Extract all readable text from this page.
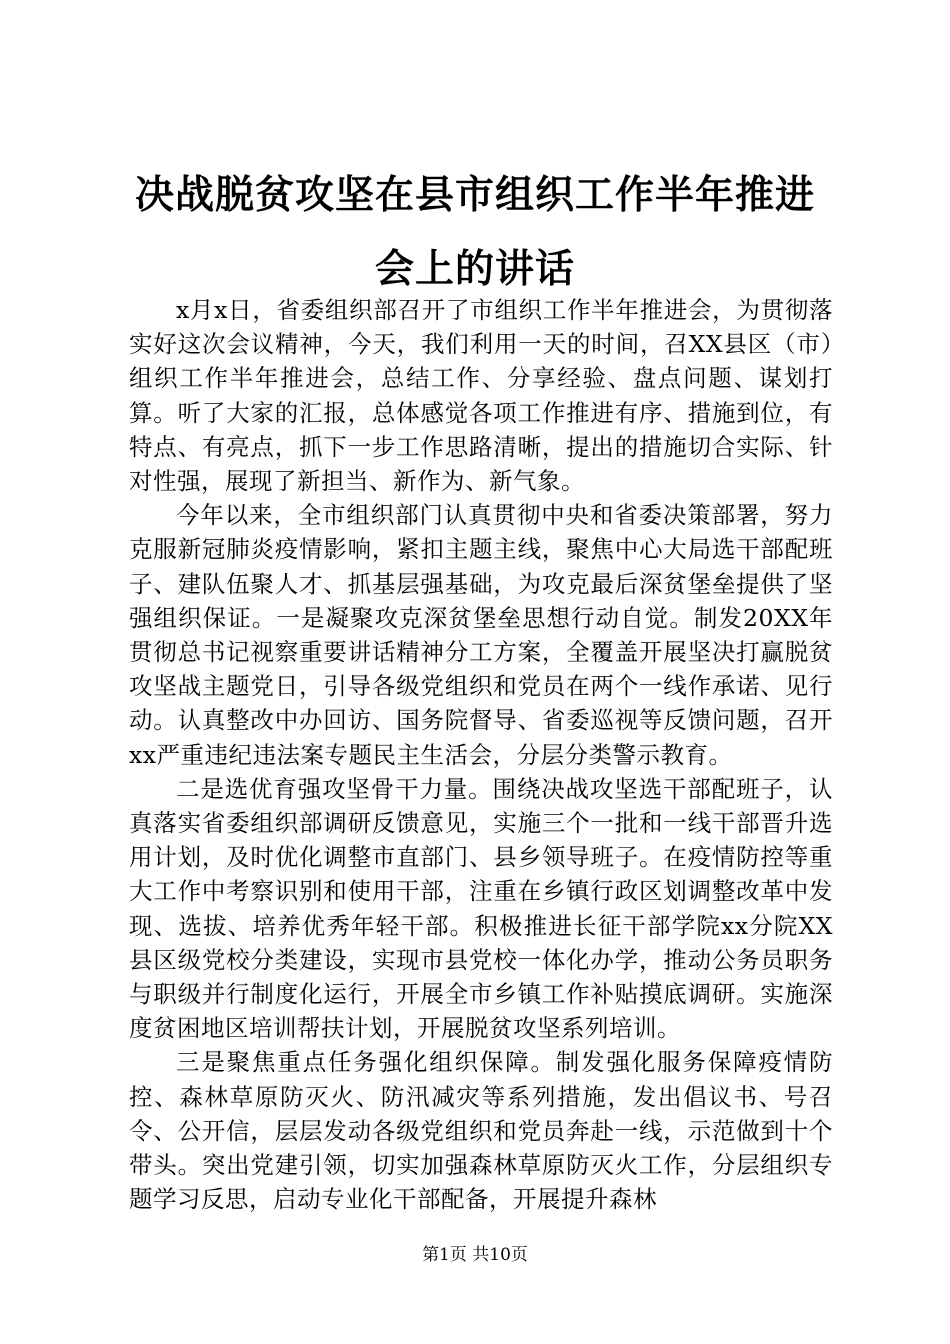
决战脱贫攻坚在县市组织工作半年推进会上的讲话

x月x日，省委组织部召开了市组织工作半年推进会，为贯彻落实好这次会议精神，今天，我们利用一天的时间，召XX县区（市）组织工作半年推进会，总结工作、分享经验、盘点问题、谋划打算。听了大家的汇报，总体感觉各项工作推进有序、措施到位，有特点、有亮点，抓下一步工作思路清晰，提出的措施切合实际、针对性强，展现了新担当、新作为、新气象。

今年以来，全市组织部门认真贯彻中央和省委决策部署，努力克服新冠肺炎疫情影响，紧扣主题主线，聚焦中心大局选干部配班子、建队伍聚人才、抓基层强基础，为攻克最后深贫堡垒提供了坚强组织保证。一是凝聚攻克深贫堡垒思想行动自觉。制发20XX年贯彻总书记视察重要讲话精神分工方案，全覆盖开展坚决打赢脱贫攻坚战主题党日，引导各级党组织和党员在两个一线作承诺、见行动。认真整改中办回访、国务院督导、省委巡视等反馈问题，召开xx严重违纪违法案专题民主生活会，分层分类警示教育。

二是选优育强攻坚骨干力量。围绕决战攻坚选干部配班子，认真落实省委组织部调研反馈意见，实施三个一批和一线干部晋升选用计划，及时优化调整市直部门、县乡领导班子。在疫情防控等重大工作中考察识别和使用干部，注重在乡镇行政区划调整改革中发现、选拔、培养优秀年轻干部。积极推进长征干部学院xx分院XX县区级党校分类建设，实现市县党校一体化办学，推动公务员职务与职级并行制度化运行，开展全市乡镇工作补贴摸底调研。实施深度贫困地区培训帮扶计划，开展脱贫攻坚系列培训。

三是聚焦重点任务强化组织保障。制发强化服务保障疫情防控、森林草原防灭火、防汛减灾等系列措施，发出倡议书、号召令、公开信，层层发动各级党组织和党员奔赴一线，示范做到十个带头。突出党建引领，切实加强森林草原防灭火工作，分层组织专题学习反思，启动专业化干部配备，开展提升森林

第1页 共10页
